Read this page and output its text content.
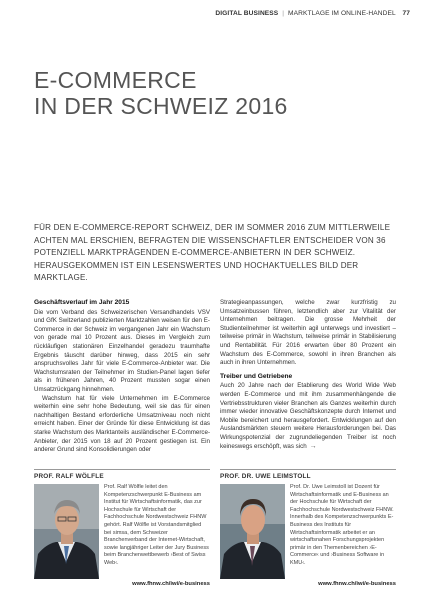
DIGITAL BUSINESS | MARKTLAGE IM ONLINE-HANDEL 77
E-COMMERCE
IN DER SCHWEIZ 2016
FÜR DEN E-COMMERCE-REPORT SCHWEIZ, DER IM SOMMER 2016 ZUM MITTLERWEILE ACHTEN MAL ERSCHIEN, BEFRAGTEN DIE WISSENSCHAFTLER ENTSCHEIDER VON 36 POTENZIELL MARKTPRÄGENDEN E-COMMERCE-ANBIETERN IN DER SCHWEIZ. HERAUSGEKOMMEN IST EIN LESENSWERTES UND HOCHAKTUELLES BILD DER MARKTLAGE.
Geschäftsverlauf im Jahr 2015

Die vom Verband des Schweizerischen Versandhandels VSV und GfK Switzerland publizierten Marktzahlen weisen für den E-Commerce in der Schweiz im vergangenen Jahr ein Wachstum von gerade mal 10 Prozent aus. Dieses im Vergleich zum rückläufigen stationären Einzelhandel geradezu traumhafte Ergebnis täuscht darüber hinweg, dass 2015 ein sehr anspruchsvolles Jahr für viele E-Commerce-Anbieter war. Die Wachstumsraten der Teilnehmer im Studien-Panel lagen tiefer als in früheren Jahren, 40 Prozent mussten sogar einen Umsatzrückgang hinnehmen.

Wachstum hat für viele Unternehmen im E-Commerce weiterhin eine sehr hohe Bedeutung, weil sie das für einen nachhaltigen Bestand erforderliche Umsatzniveau noch nicht erreicht haben. Einer der Gründe für diese Entwicklung ist das starke Wachstum des Marktanteils ausländischer E-Commerce-Anbieter, der 2015 von 18 auf 20 Prozent gestiegen ist. Ein anderer Grund sind Konsolidierungen oder

Strategieanpassungen, welche zwar kurzfristig zu Umsatzeinbussen führen, letztendlich aber zur Vitalität der Unternehmen beitragen. Die grosse Mehrheit der Studienteilnehmer ist weiterhin agil unterwegs und investiert – teilweise primär in Wachstum, teilweise primär in Stabilisierung und Rentabilität. Für 2016 erwarten über 80 Prozent ein Wachstum des E-Commerce, sowohl in ihren Branchen als auch in ihren Unternehmen.

Treiber und Getriebene

Auch 20 Jahre nach der Etablierung des World Wide Web werden E-Commerce und mit ihm zusammenhängende die Vertriebsstrukturen vieler Branchen als Ganzes weiterhin durch immer wieder innovative Geschäftskonzepte durch Internet und Mobile bereichert und herausgefordert. Entwicklungen auf den Auslandsmärkten steuern weitere Herausforderungen bei. Das Wirkungspotenzial der zugrundeliegenden Treiber ist noch keineswegs erschöpft, was sich →

PROF. RALF WÖLFLE
Prof. Ralf Wölfle leitet den Kompetenzschwerpunkt E-Business am Institut für Wirtschaftsinformatik, das zur Hochschule für Wirtschaft der Fachhochschule Nordwestschweiz FHNW gehört. Ralf Wölfle ist Vorstandsmitglied bei simsa, dem Schweizer Branchenverband der Internet-Wirtschaft, sowie langjähriger Leiter der Jury Business beim Branchenwettbewerb ›Best of Swiss Web‹.
www.fhnw.ch/iwi/e-business
PROF. DR. UWE LEIMSTOLL
Prof. Dr. Uwe Leimstoll ist Dozent für Wirtschaftsinformatik und E-Business an der Hochschule für Wirtschaft der Fachhochschule Nordwestschweiz FHNW. Innerhalb des Kompetenzschwerpunkts E-Business des Instituts für Wirtschaftsinformatik arbeitet er an wirtschaftsnahen Forschungsprojekten primär in den Themenbereichen ›E-Commerce‹ und ›Business Software in KMU‹.
www.fhnw.ch/iwi/e-business
